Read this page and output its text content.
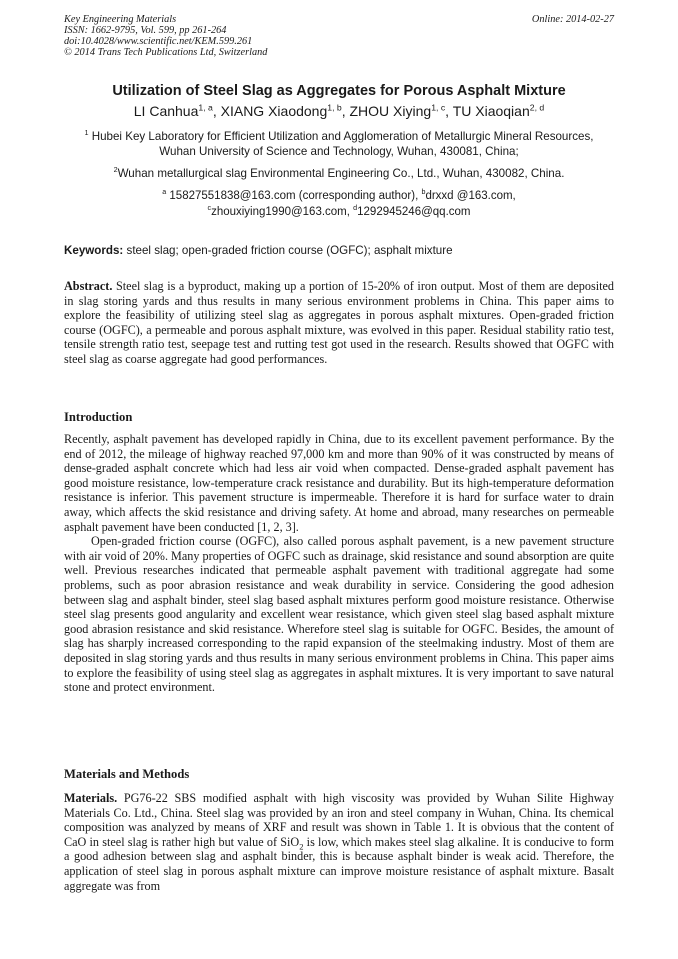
Key Engineering Materials
ISSN: 1662-9795, Vol. 599, pp 261-264
doi:10.4028/www.scientific.net/KEM.599.261
© 2014 Trans Tech Publications Ltd, Switzerland
Online: 2014-02-27
Utilization of Steel Slag as Aggregates for Porous Asphalt Mixture
LI Canhua$^{1, a}$, XIANG Xiaodong$^{1, b}$, ZHOU Xiying$^{1, c}$, TU Xiaoqian$^{2, d}$
$^1$ Hubei Key Laboratory for Efficient Utilization and Agglomeration of Metallurgic Mineral Resources,
Wuhan University of Science and Technology, Wuhan, 430081, China;
$^2$Wuhan metallurgical slag Environmental Engineering Co., Ltd., Wuhan, 430082, China.
$^a$ 15827551838@163.com (corresponding author), $^b$drxxd @163.com,
$^c$zhouxiying1990@163.com, $^d$1292945246@qq.com
Keywords: steel slag; open-graded friction course (OGFC); asphalt mixture

Abstract. Steel slag is a byproduct, making up a portion of 15-20% of iron output. Most of them are deposited in slag storing yards and thus results in many serious environment problems in China. This paper aims to explore the feasibility of utilizing steel slag as aggregates in porous asphalt mixtures. Open-graded friction course (OGFC), a permeable and porous asphalt mixture, was evolved in this paper. Residual stability ratio test, tensile strength ratio test, seepage test and rutting test got used in the research. Results showed that OGFC with steel slag as coarse aggregate had good performances.

Introduction

Recently, asphalt pavement has developed rapidly in China, due to its excellent pavement performance. By the end of 2012, the mileage of highway reached 97,000 km and more than 90% of it was constructed by means of dense-graded asphalt concrete which had less air void when compacted. Dense-graded asphalt pavement has good moisture resistance, low-temperature crack resistance and durability. But its high-temperature deformation resistance is inferior. This pavement structure is impermeable. Therefore it is hard for surface water to drain away, which affects the skid resistance and driving safety. At home and abroad, many researches on permeable asphalt pavement have been conducted [1, 2, 3].

Open-graded friction course (OGFC), also called porous asphalt pavement, is a new pavement structure with air void of 20%. Many properties of OGFC such as drainage, skid resistance and sound absorption are quite well. Previous researches indicated that permeable asphalt pavement with traditional aggregate had some problems, such as poor abrasion resistance and weak durability in service. Considering the good adhesion between slag and asphalt binder, steel slag based asphalt mixtures perform good moisture resistance. Otherwise steel slag presents good angularity and excellent wear resistance, which given steel slag based asphalt mixture good abrasion resistance and skid resistance. Wherefore steel slag is suitable for OGFC. Besides, the amount of slag has sharply increased corresponding to the rapid expansion of the steelmaking industry. Most of them are deposited in slag storing yards and thus results in many serious environment problems in China. This paper aims to explore the feasibility of using steel slag as aggregates in asphalt mixtures. It is very important to save natural stone and protect environment.

Materials and Methods

Materials. PG76-22 SBS modified asphalt with high viscosity was provided by Wuhan Silite Highway Materials Co. Ltd., China. Steel slag was provided by an iron and steel company in Wuhan, China. Its chemical composition was analyzed by means of XRF and result was shown in Table 1. It is obvious that the content of CaO in steel slag is rather high but value of SiO$_2$ is low, which makes steel slag alkaline. It is conducive to form a good adhesion between slag and asphalt binder, this is because asphalt binder is weak acid. Therefore, the application of steel slag in porous asphalt mixture can improve moisture resistance of asphalt mixture. Basalt aggregate was from
